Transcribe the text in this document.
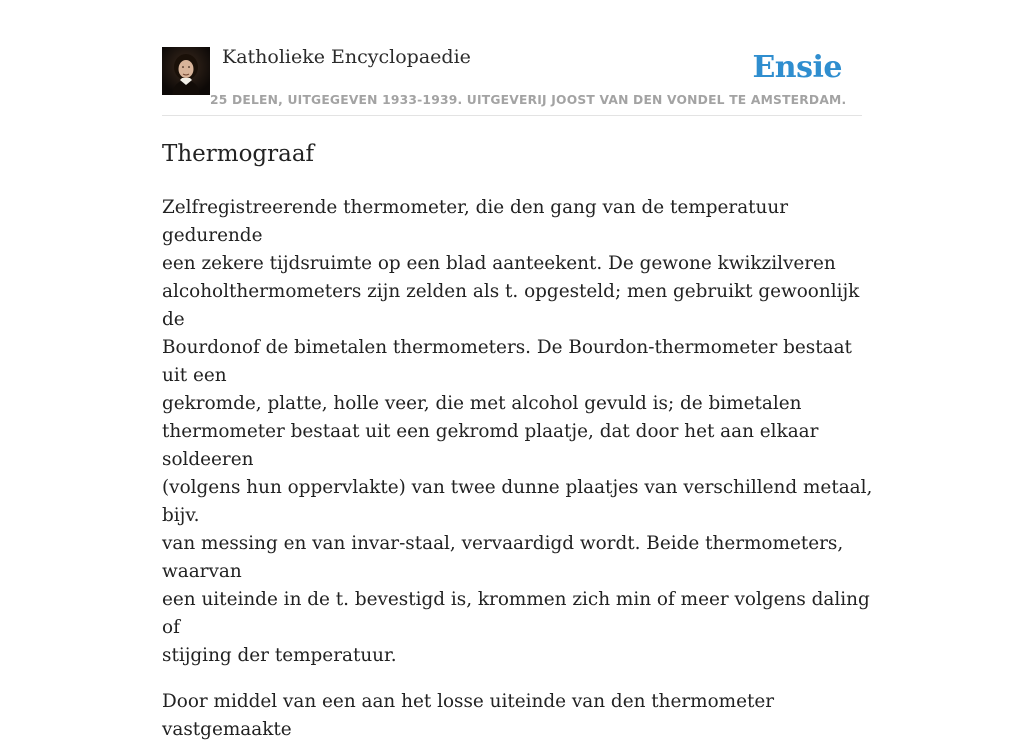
Katholieke Encyclopaedie
25 DELEN, UITGEGEVEN 1933-1939. UITGEVERIJ JOOST VAN DEN VONDEL TE AMSTERDAM.
Ensie
Thermograaf

Zelfregistreerende thermometer, die den gang van de temperatuur gedurende
een zekere tijdsruimte op een blad aanteekent. De gewone kwikzilveren
alcoholthermometers zijn zelden als t. opgesteld; men gebruikt gewoonlijk de
Bourdonof de bimetalen thermometers. De Bourdon-thermometer bestaat uit een
gekromde, platte, holle veer, die met alcohol gevuld is; de bimetalen
thermometer bestaat uit een gekromd plaatje, dat door het aan elkaar soldeeren
(volgens hun oppervlakte) van twee dunne plaatjes van verschillend metaal, bijv.
van messing en van invar-staal, vervaardigd wordt. Beide thermometers, waarvan
een uiteinde in de t. bevestigd is, krommen zich min of meer volgens daling of
stijging der temperatuur.

Door middel van een aan het losse uiteinde van den thermometer vastgemaakte
